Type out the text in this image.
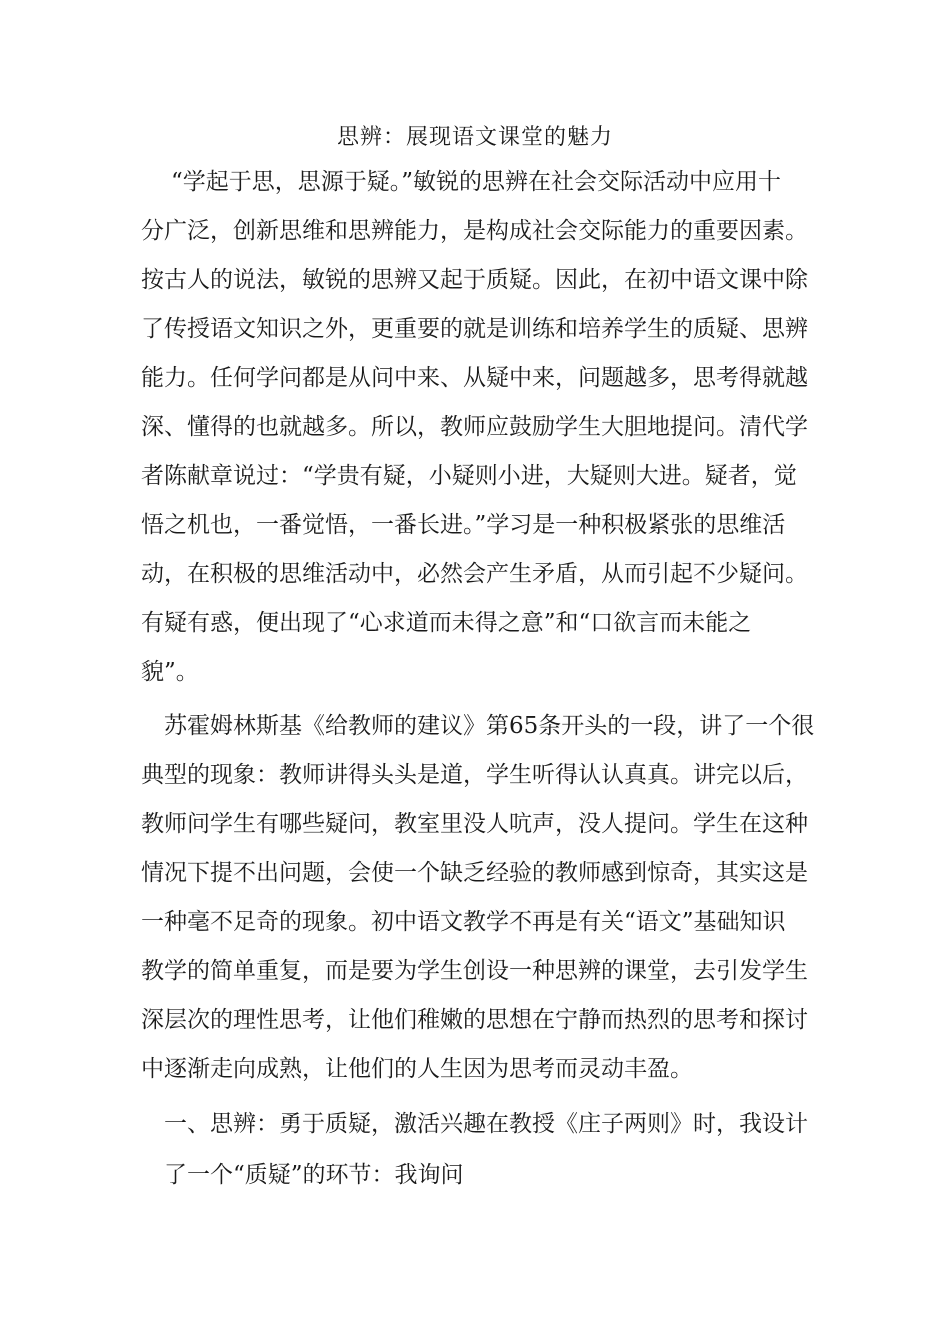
思辨：展现语文课堂的魅力

“学起于思，思源于疑。”敏锐的思辨在社会交际活动中应用十

分广泛，创新思维和思辨能力，是构成社会交际能力的重要因素。

按古人的说法，敏锐的思辨又起于质疑。因此，在初中语文课中除

了传授语文知识之外，更重要的就是训练和培养学生的质疑、思辨

能力。任何学问都是从问中来、从疑中来，问题越多，思考得就越

深、懂得的也就越多。所以，教师应鼓励学生大胆地提问。清代学

者陈献章说过：“学贵有疑，小疑则小进，大疑则大进。疑者，觉

悟之机也，一番觉悟，一番长进。”学习是一种积极紧张的思维活

动，在积极的思维活动中，必然会产生矛盾，从而引起不少疑问。

有疑有惑，便出现了“心求道而未得之意”和“口欲言而未能之

貌”。

苏霍姆林斯基《给教师的建议》第65条开头的一段，讲了一个很

典型的现象：教师讲得头头是道，学生听得认认真真。讲完以后，

教师问学生有哪些疑问，教室里没人吭声，没人提问。学生在这种

情况下提不出问题，会使一个缺乏经验的教师感到惊奇，其实这是

一种毫不足奇的现象。初中语文教学不再是有关“语文”基础知识

教学的简单重复，而是要为学生创设一种思辨的课堂，去引发学生

深层次的理性思考，让他们稚嫩的思想在宁静而热烈的思考和探讨

中逐渐走向成熟，让他们的人生因为思考而灵动丰盈。

一、思辨：勇于质疑，激活兴趣在教授《庄子两则》时，我设计

了一个“质疑”的环节：我询问
